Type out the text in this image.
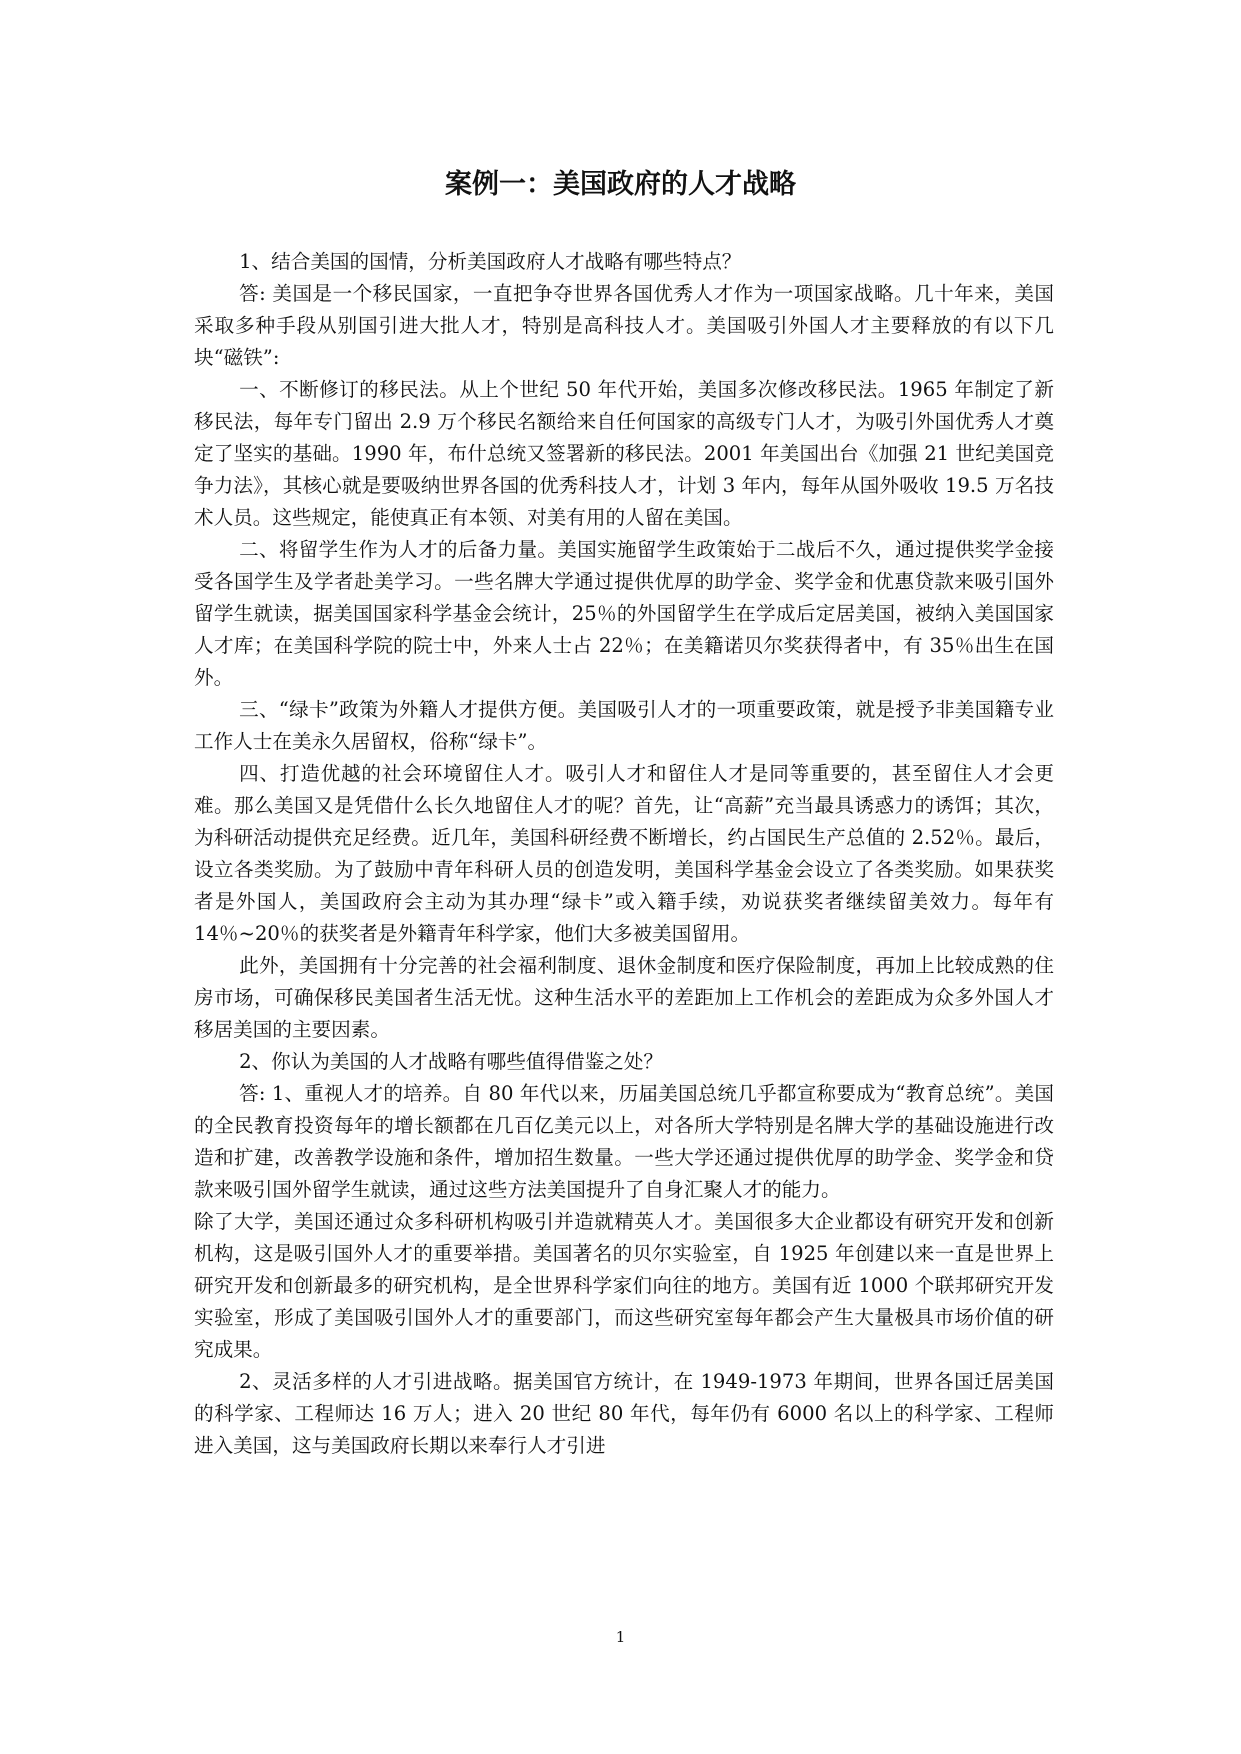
案例一：美国政府的人才战略

1、结合美国的国情，分析美国政府人才战略有哪些特点？

答: 美国是一个移民国家，一直把争夺世界各国优秀人才作为一项国家战略。几十年来，美国采取多种手段从别国引进大批人才，特别是高科技人才。美国吸引外国人才主要释放的有以下几块“磁铁”:

一、不断修订的移民法。从上个世纪 50 年代开始，美国多次修改移民法。1965 年制定了新移民法，每年专门留出 2.9 万个移民名额给来自任何国家的高级专门人才，为吸引外国优秀人才奠定了坚实的基础。1990 年，布什总统又签署新的移民法。2001 年美国出台《加强 21 世纪美国竞争力法》，其核心就是要吸纳世界各国的优秀科技人才，计划 3 年内，每年从国外吸收 19.5 万名技术人员。这些规定，能使真正有本领、对美有用的人留在美国。

二、将留学生作为人才的后备力量。美国实施留学生政策始于二战后不久，通过提供奖学金接受各国学生及学者赴美学习。一些名牌大学通过提供优厚的助学金、奖学金和优惠贷款来吸引国外留学生就读，据美国国家科学基金会统计，25％的外国留学生在学成后定居美国，被纳入美国国家人才库；在美国科学院的院士中，外来人士占 22％；在美籍诺贝尔奖获得者中，有 35％出生在国外。

三、“绿卡”政策为外籍人才提供方便。美国吸引人才的一项重要政策，就是授予非美国籍专业工作人士在美永久居留权，俗称“绿卡”。

四、打造优越的社会环境留住人才。吸引人才和留住人才是同等重要的，甚至留住人才会更难。那么美国又是凭借什么长久地留住人才的呢？首先，让“高薪”充当最具诱惑力的诱饵；其次，为科研活动提供充足经费。近几年，美国科研经费不断增长，约占国民生产总值的 2.52％。最后，设立各类奖励。为了鼓励中青年科研人员的创造发明，美国科学基金会设立了各类奖励。如果获奖者是外国人，美国政府会主动为其办理“绿卡”或入籍手续，劝说获奖者继续留美效力。每年有 14％~20％的获奖者是外籍青年科学家，他们大多被美国留用。

此外，美国拥有十分完善的社会福利制度、退休金制度和医疗保险制度，再加上比较成熟的住房市场，可确保移民美国者生活无忧。这种生活水平的差距加上工作机会的差距成为众多外国人才移居美国的主要因素。

2、你认为美国的人才战略有哪些值得借鉴之处？

答: 1、重视人才的培养。自 80 年代以来，历届美国总统几乎都宣称要成为“教育总统”。美国的全民教育投资每年的增长额都在几百亿美元以上，对各所大学特别是名牌大学的基础设施进行改造和扩建，改善教学设施和条件，增加招生数量。一些大学还通过提供优厚的助学金、奖学金和贷款来吸引国外留学生就读，通过这些方法美国提升了自身汇聚人才的能力。

除了大学，美国还通过众多科研机构吸引并造就精英人才。美国很多大企业都设有研究开发和创新机构，这是吸引国外人才的重要举措。美国著名的贝尔实验室，自 1925 年创建以来一直是世界上研究开发和创新最多的研究机构，是全世界科学家们向往的地方。美国有近 1000 个联邦研究开发实验室，形成了美国吸引国外人才的重要部门，而这些研究室每年都会产生大量极具市场价值的研究成果。

2、灵活多样的人才引进战略。据美国官方统计，在 1949-1973 年期间，世界各国迁居美国的科学家、工程师达 16 万人；进入 20 世纪 80 年代，每年仍有 6000 名以上的科学家、工程师进入美国，这与美国政府长期以来奉行人才引进

1
